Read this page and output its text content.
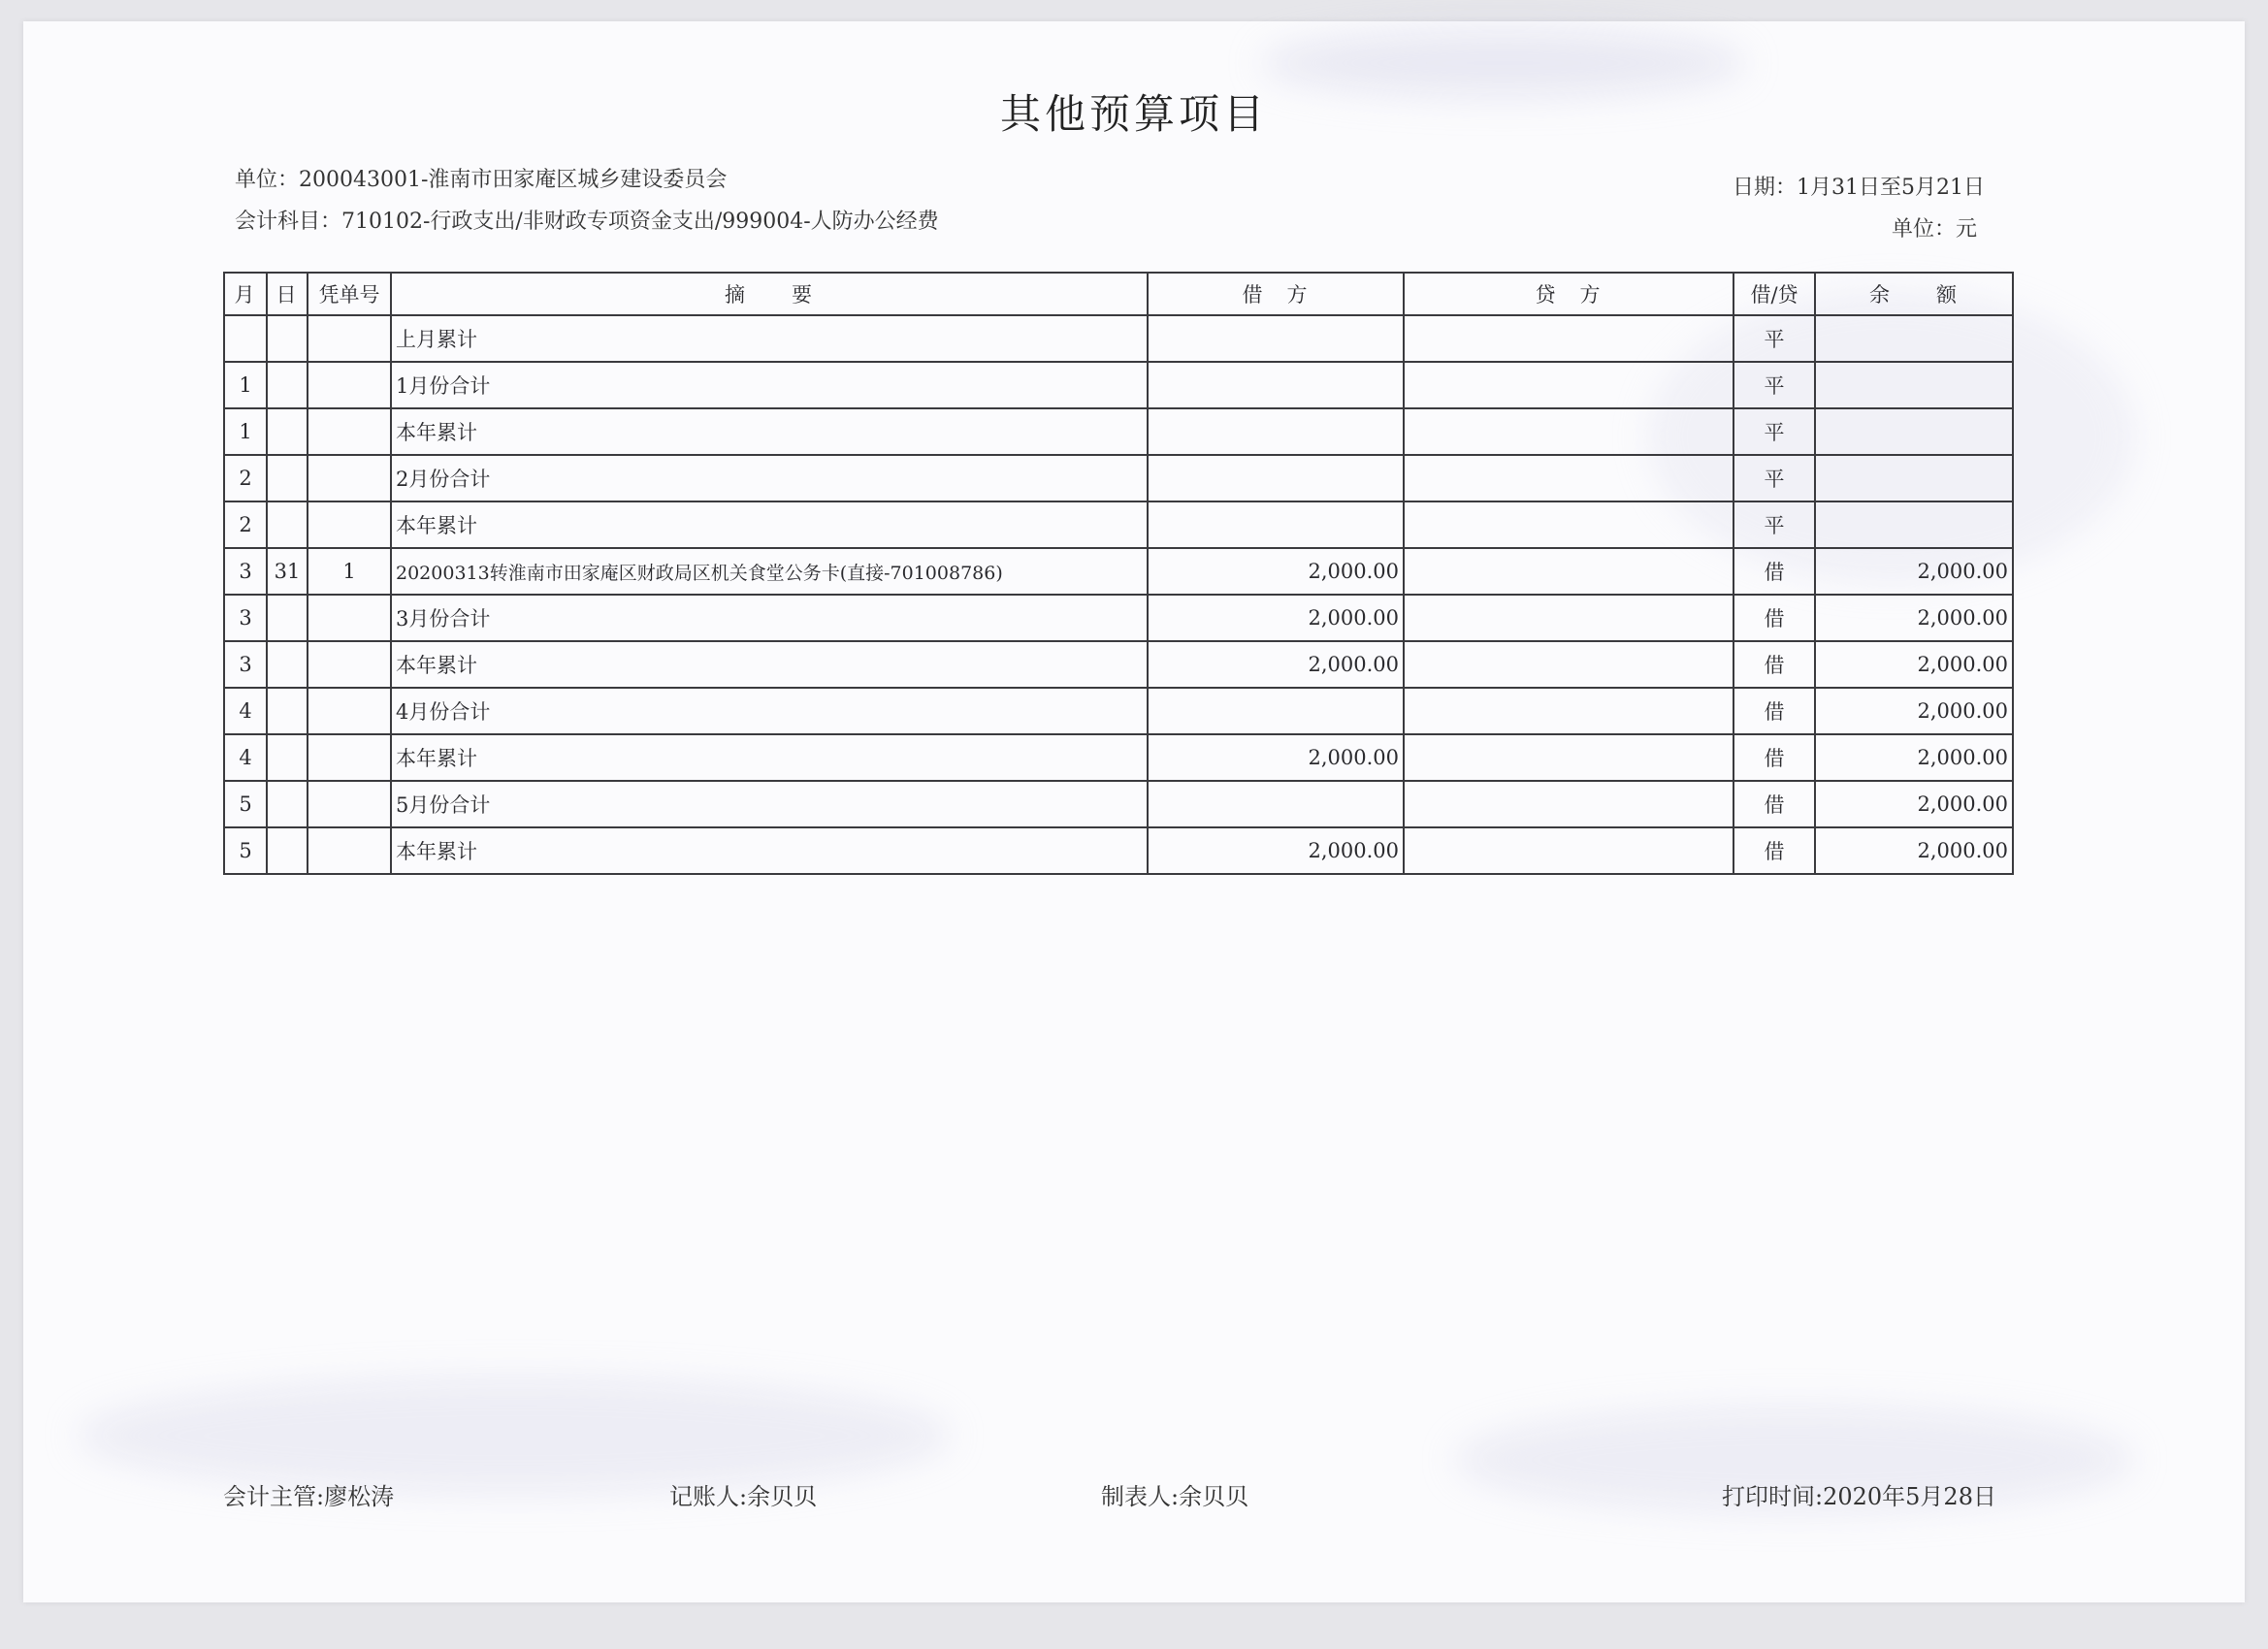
其他预算项目
单位：200043001-淮南市田家庵区城乡建设委员会
会计科目：710102-行政支出/非财政专项资金支出/999004-人防办公经费
日期：1月31日至5月21日
单位：元
月	日	凭单号	摘　　要	借　方	贷　方	借/贷	余　　额
			上月累计			平	
1			1月份合计			平	
1			本年累计			平	
2			2月份合计			平	
2			本年累计			平	
3	31	1	20200313转淮南市田家庵区财政局区机关食堂公务卡(直接-701008786)	2,000.00		借	2,000.00
3			3月份合计	2,000.00		借	2,000.00
3			本年累计	2,000.00		借	2,000.00
4			4月份合计			借	2,000.00
4			本年累计	2,000.00		借	2,000.00
5			5月份合计			借	2,000.00
5			本年累计	2,000.00		借	2,000.00
会计主管:廖松涛	记账人:余贝贝	制表人:余贝贝	打印时间:2020年5月28日
